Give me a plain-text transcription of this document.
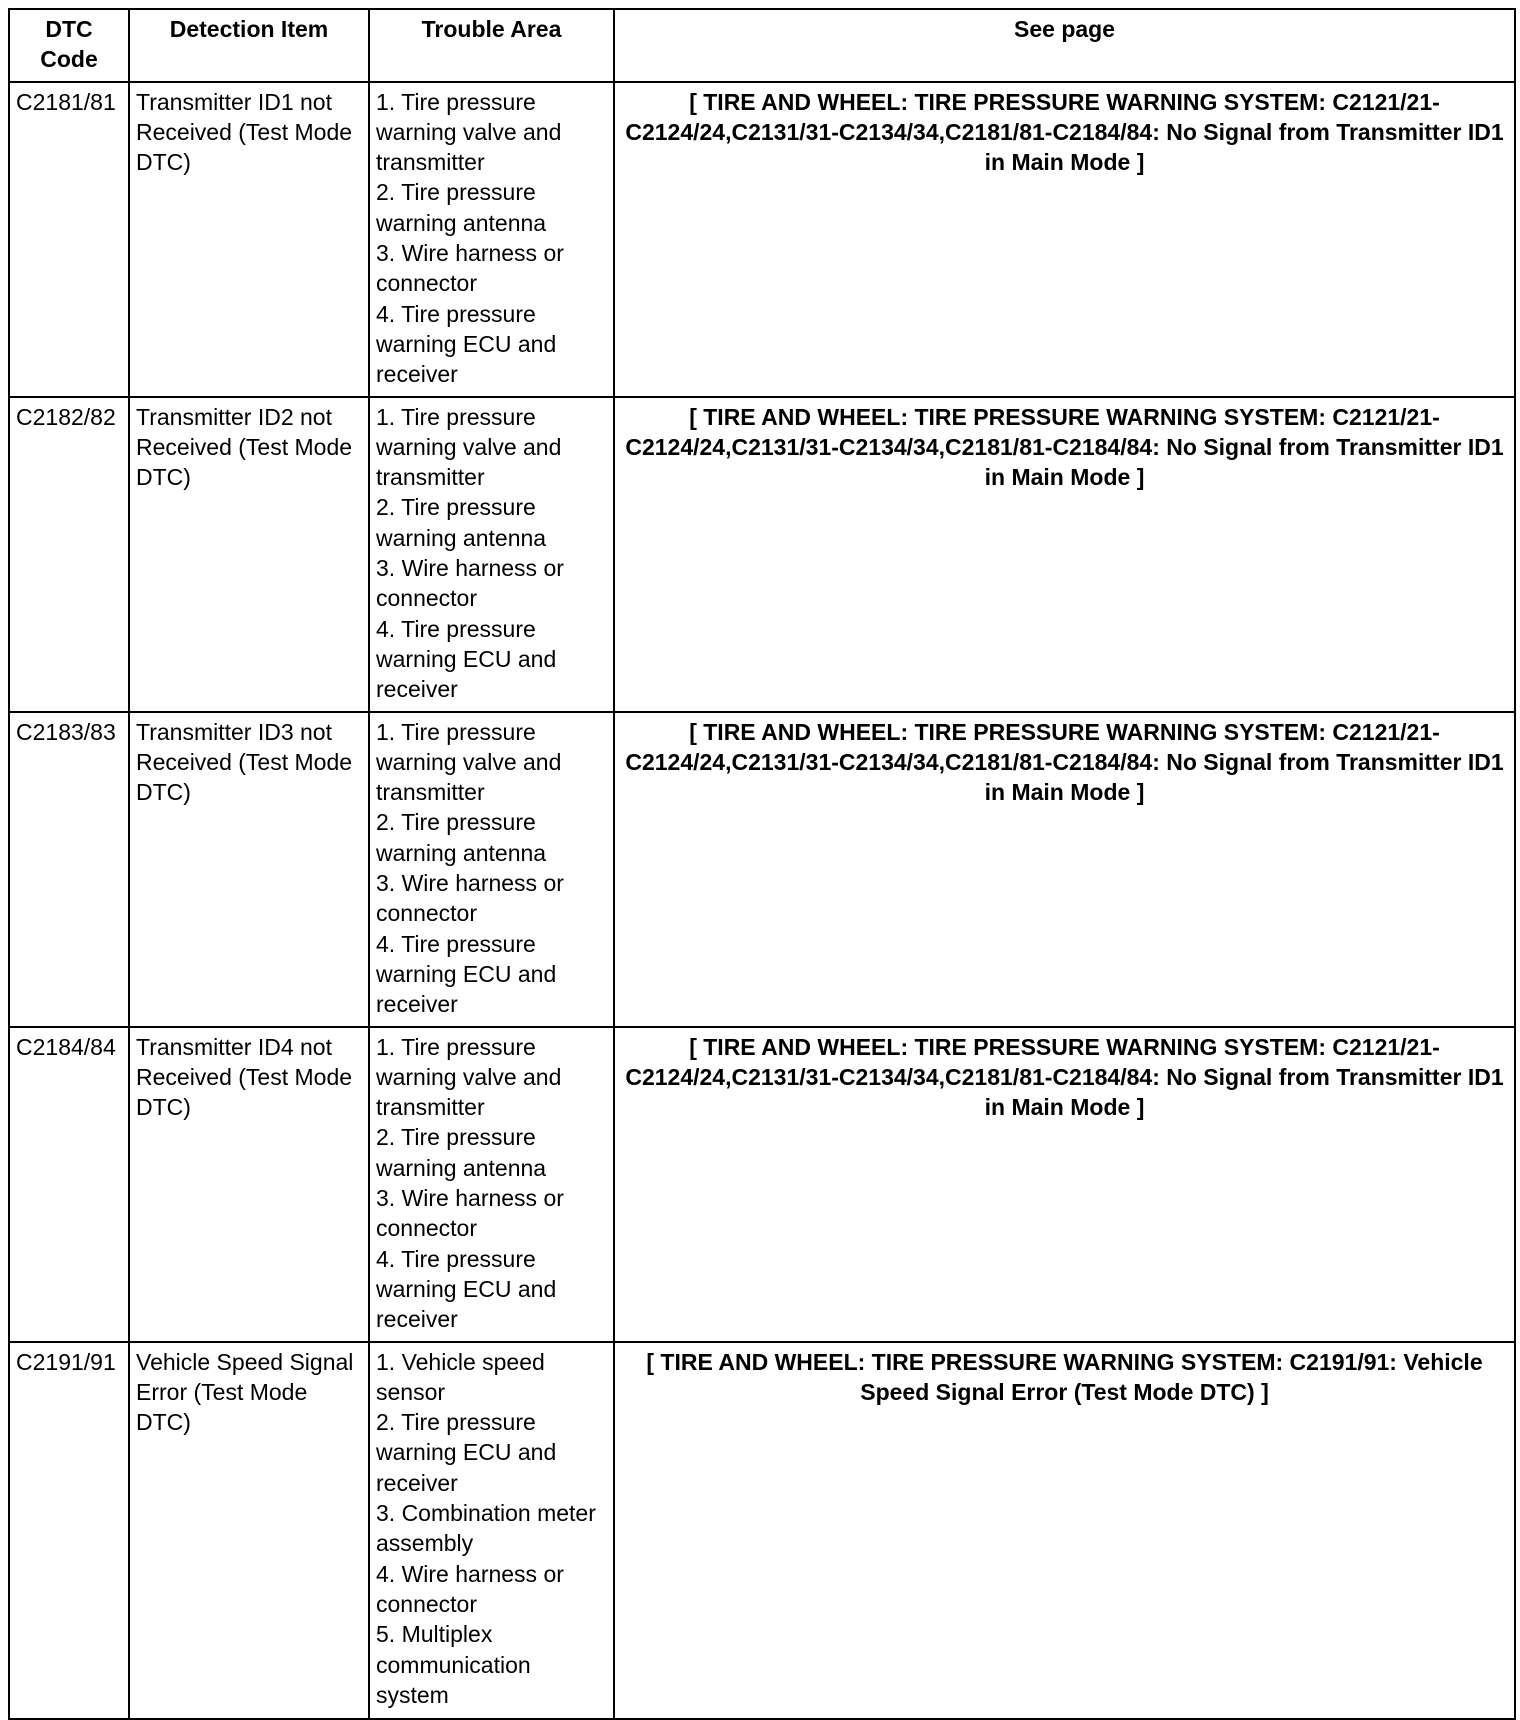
DTC Code	Detection Item	Trouble Area	See page
C2181/81	Transmitter ID1 not Received (Test Mode DTC)	1. Tire pressure warning valve and transmitter
2. Tire pressure warning antenna
3. Wire harness or connector
4. Tire pressure warning ECU and receiver	[ TIRE AND WHEEL: TIRE PRESSURE WARNING SYSTEM: C2121/21-C2124/24,C2131/31-C2134/34,C2181/81-C2184/84: No Signal from Transmitter ID1 in Main Mode ]
C2182/82	Transmitter ID2 not Received (Test Mode DTC)	1. Tire pressure warning valve and transmitter
2. Tire pressure warning antenna
3. Wire harness or connector
4. Tire pressure warning ECU and receiver	[ TIRE AND WHEEL: TIRE PRESSURE WARNING SYSTEM: C2121/21-C2124/24,C2131/31-C2134/34,C2181/81-C2184/84: No Signal from Transmitter ID1 in Main Mode ]
C2183/83	Transmitter ID3 not Received (Test Mode DTC)	1. Tire pressure warning valve and transmitter
2. Tire pressure warning antenna
3. Wire harness or connector
4. Tire pressure warning ECU and receiver	[ TIRE AND WHEEL: TIRE PRESSURE WARNING SYSTEM: C2121/21-C2124/24,C2131/31-C2134/34,C2181/81-C2184/84: No Signal from Transmitter ID1 in Main Mode ]
C2184/84	Transmitter ID4 not Received (Test Mode DTC)	1. Tire pressure warning valve and transmitter
2. Tire pressure warning antenna
3. Wire harness or connector
4. Tire pressure warning ECU and receiver	[ TIRE AND WHEEL: TIRE PRESSURE WARNING SYSTEM: C2121/21-C2124/24,C2131/31-C2134/34,C2181/81-C2184/84: No Signal from Transmitter ID1 in Main Mode ]
C2191/91	Vehicle Speed Signal Error (Test Mode DTC)	1. Vehicle speed sensor
2. Tire pressure warning ECU and receiver
3. Combination meter assembly
4. Wire harness or connector
5. Multiplex communication system	[ TIRE AND WHEEL: TIRE PRESSURE WARNING SYSTEM: C2191/91: Vehicle Speed Signal Error (Test Mode DTC) ]
